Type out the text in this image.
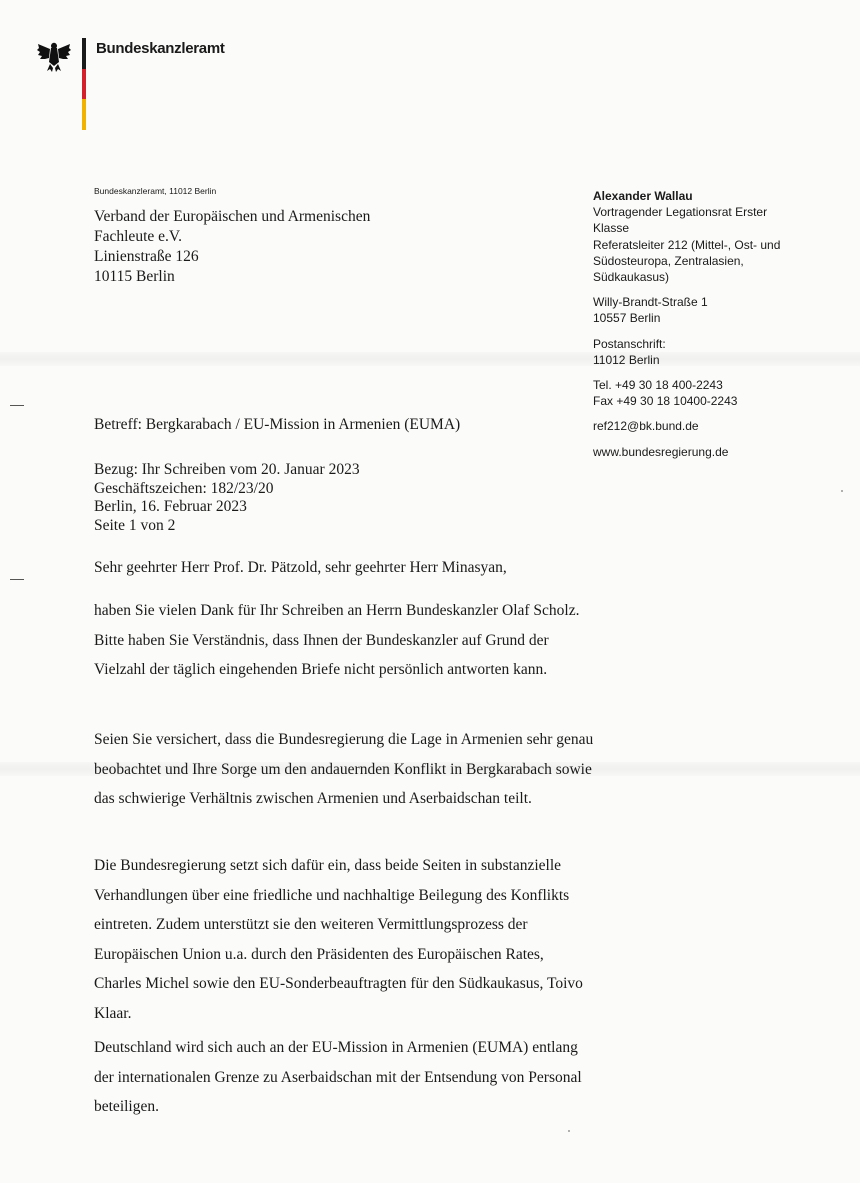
Bundeskanzleramt
Bundeskanzleramt, 11012 Berlin
Verband der Europäischen und Armenischen
Fachleute e.V.
Linienstraße 126
10115 Berlin
Alexander Wallau
Vortragender Legationsrat Erster
Klasse
Referatsleiter 212 (Mittel-, Ost- und
Südosteuropa, Zentralasien,
Südkaukasus)
Willy-Brandt-Straße 1
10557 Berlin
Postanschrift:
11012 Berlin
Tel. +49 30 18 400-2243
Fax +49 30 18 10400-2243
ref212@bk.bund.de
www.bundesregierung.de
Betreff: Bergkarabach / EU-Mission in Armenien (EUMA)
Bezug: Ihr Schreiben vom 20. Januar 2023
Geschäftszeichen: 182/23/20
Berlin, 16. Februar 2023
Seite 1 von 2
Sehr geehrter Herr Prof. Dr. Pätzold, sehr geehrter Herr Minasyan,

haben Sie vielen Dank für Ihr Schreiben an Herrn Bundeskanzler Olaf Scholz. Bitte haben Sie Verständnis, dass Ihnen der Bundeskanzler auf Grund der Vielzahl der täglich eingehenden Briefe nicht persönlich antworten kann.

Seien Sie versichert, dass die Bundesregierung die Lage in Armenien sehr genau beobachtet und Ihre Sorge um den andauernden Konflikt in Bergkarabach sowie das schwierige Verhältnis zwischen Armenien und Aserbaidschan teilt.

Die Bundesregierung setzt sich dafür ein, dass beide Seiten in substanzielle Verhandlungen über eine friedliche und nachhaltige Beilegung des Konflikts eintreten. Zudem unterstützt sie den weiteren Vermittlungsprozess der Europäischen Union u.a. durch den Präsidenten des Europäischen Rates, Charles Michel sowie den EU-Sonderbeauftragten für den Südkaukasus, Toivo Klaar.

Deutschland wird sich auch an der EU-Mission in Armenien (EUMA) entlang der internationalen Grenze zu Aserbaidschan mit der Entsendung von Personal beteiligen.
